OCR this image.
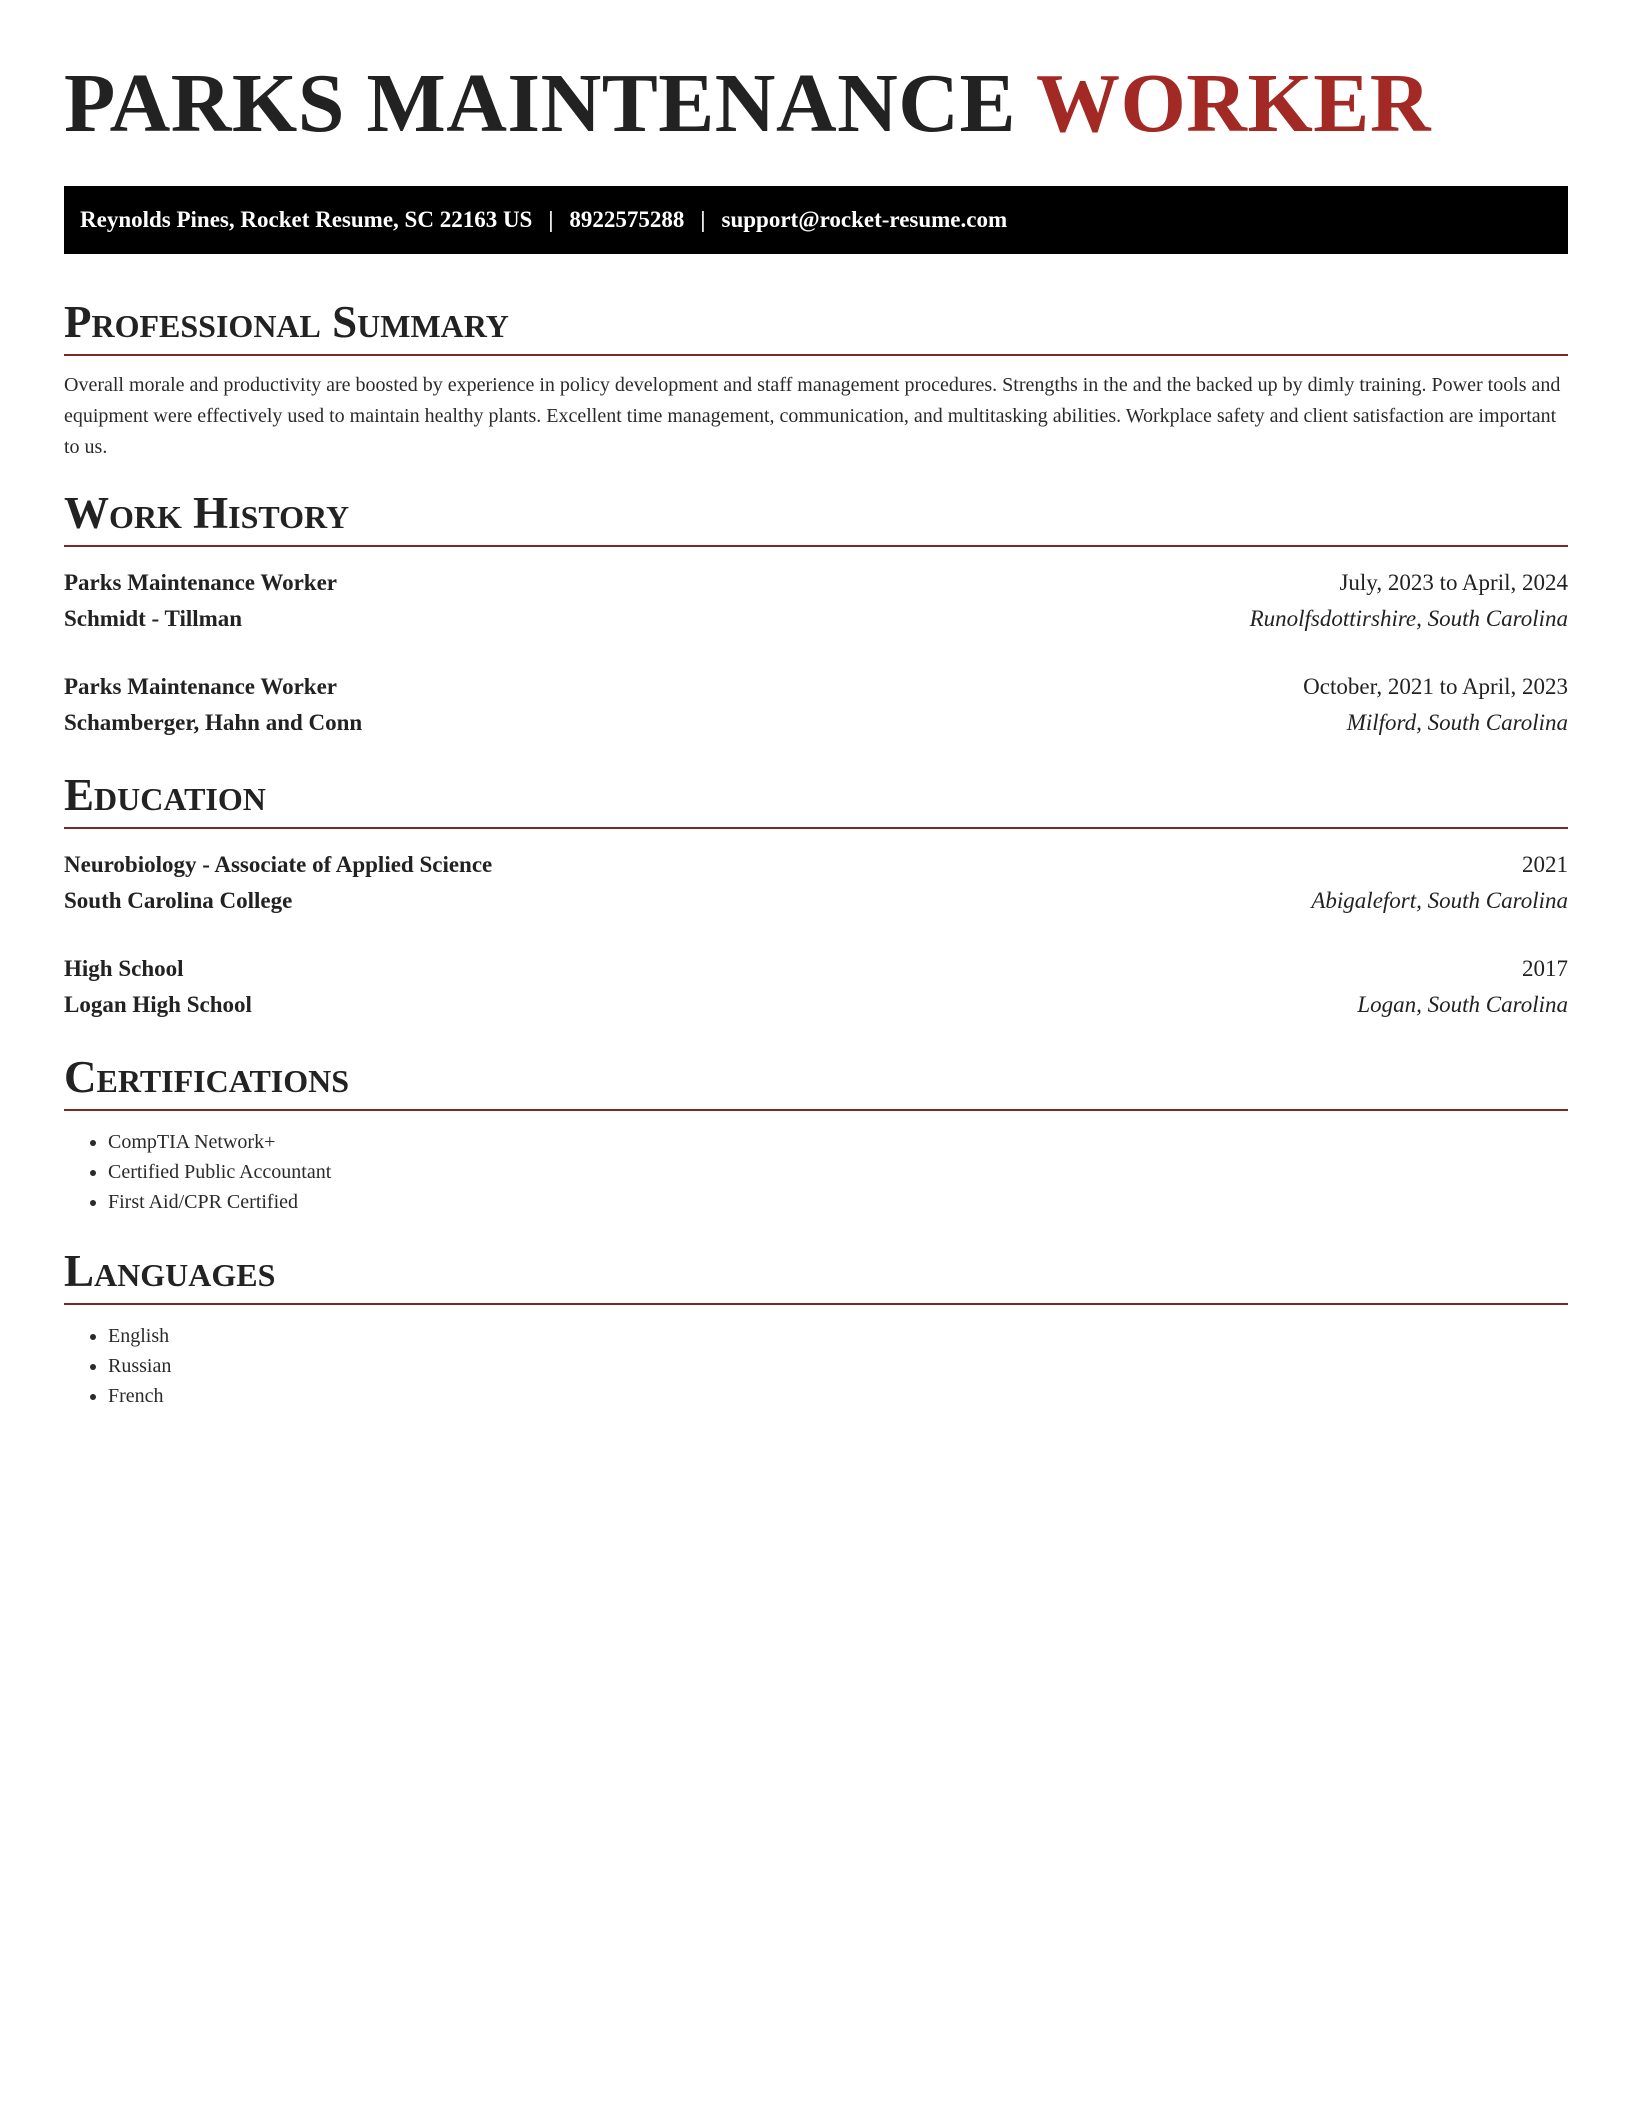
PARKS MAINTENANCE WORKER
Reynolds Pines, Rocket Resume, SC 22163 US | 8922575288 | support@rocket-resume.com
Professional Summary

Overall morale and productivity are boosted by experience in policy development and staff management procedures. Strengths in the and the backed up by dimly training. Power tools and equipment were effectively used to maintain healthy plants. Excellent time management, communication, and multitasking abilities. Workplace safety and client satisfaction are important to us.

Work History
Parks Maintenance Worker	July, 2023 to April, 2024
Schmidt - Tillman	Runolfsdottirshire, South Carolina
Parks Maintenance Worker	October, 2021 to April, 2023
Schamberger, Hahn and Conn	Milford, South Carolina
Education
Neurobiology - Associate of Applied Science	2021
South Carolina College	Abigalefort, South Carolina
High School	2017
Logan High School	Logan, South Carolina
Certifications
• CompTIA Network+
• Certified Public Accountant
• First Aid/CPR Certified
Languages
• English
• Russian
• French
